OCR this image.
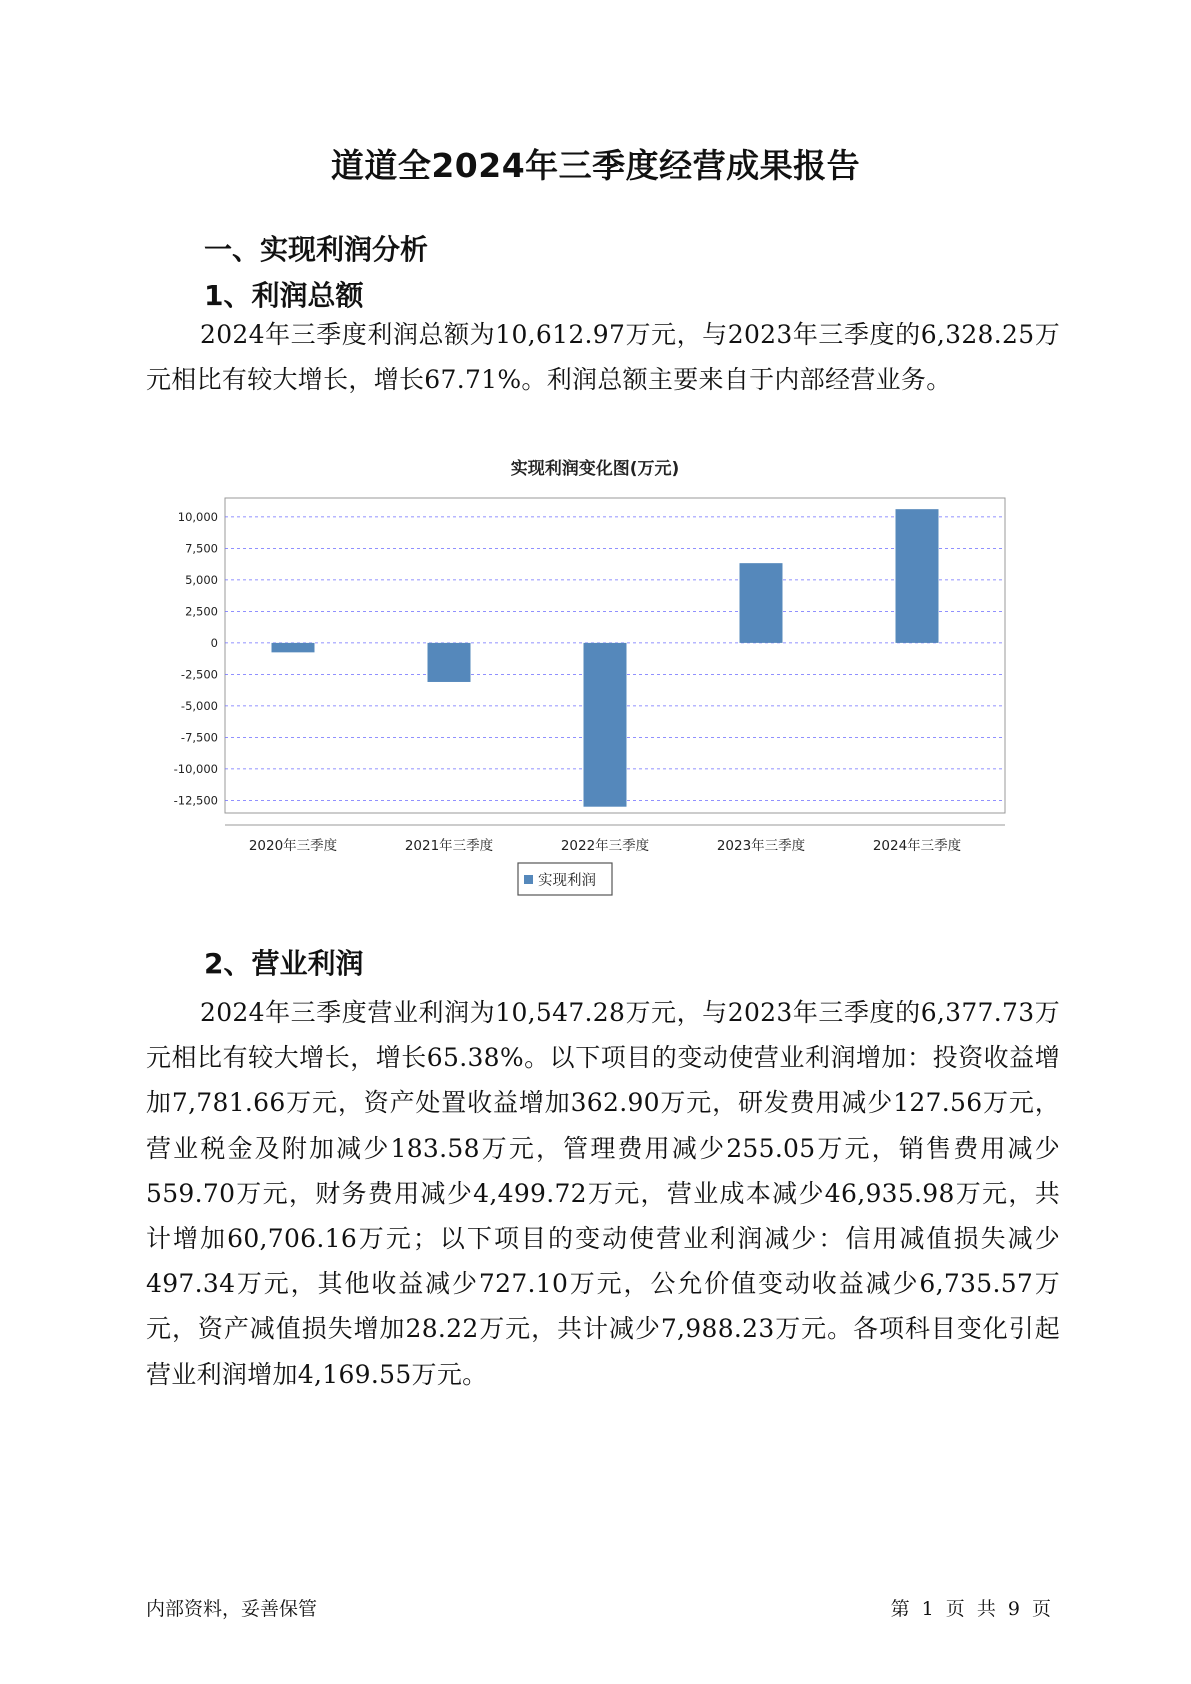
道道全2024年三季度经营成果报告
一、实现利润分析
1、利润总额
2024年三季度利润总额为10,612.97万元，与2023年三季度的6,328.25万元相比有较大增长，增长67.71%。利润总额主要来自于内部经营业务。
实现利润变化图(万元)
10,000
7,500
5,000
2,500
0
-2,500
-5,000
-7,500
-10,000
-12,500
2020年三季度	2021年三季度	2022年三季度	2023年三季度	2024年三季度
实现利润
2、营业利润
2024年三季度营业利润为10,547.28万元，与2023年三季度的6,377.73万元相比有较大增长，增长65.38%。以下项目的变动使营业利润增加：投资收益增加7,781.66万元，资产处置收益增加362.90万元，研发费用减少127.56万元，营业税金及附加减少183.58万元，管理费用减少255.05万元，销售费用减少559.70万元，财务费用减少4,499.72万元，营业成本减少46,935.98万元，共计增加60,706.16万元；以下项目的变动使营业利润减少：信用减值损失减少497.34万元，其他收益减少727.10万元，公允价值变动收益减少6,735.57万元，资产减值损失增加28.22万元，共计减少7,988.23万元。各项科目变化引起营业利润增加4,169.55万元。
内部资料，妥善保管	第 1 页 共 9 页
